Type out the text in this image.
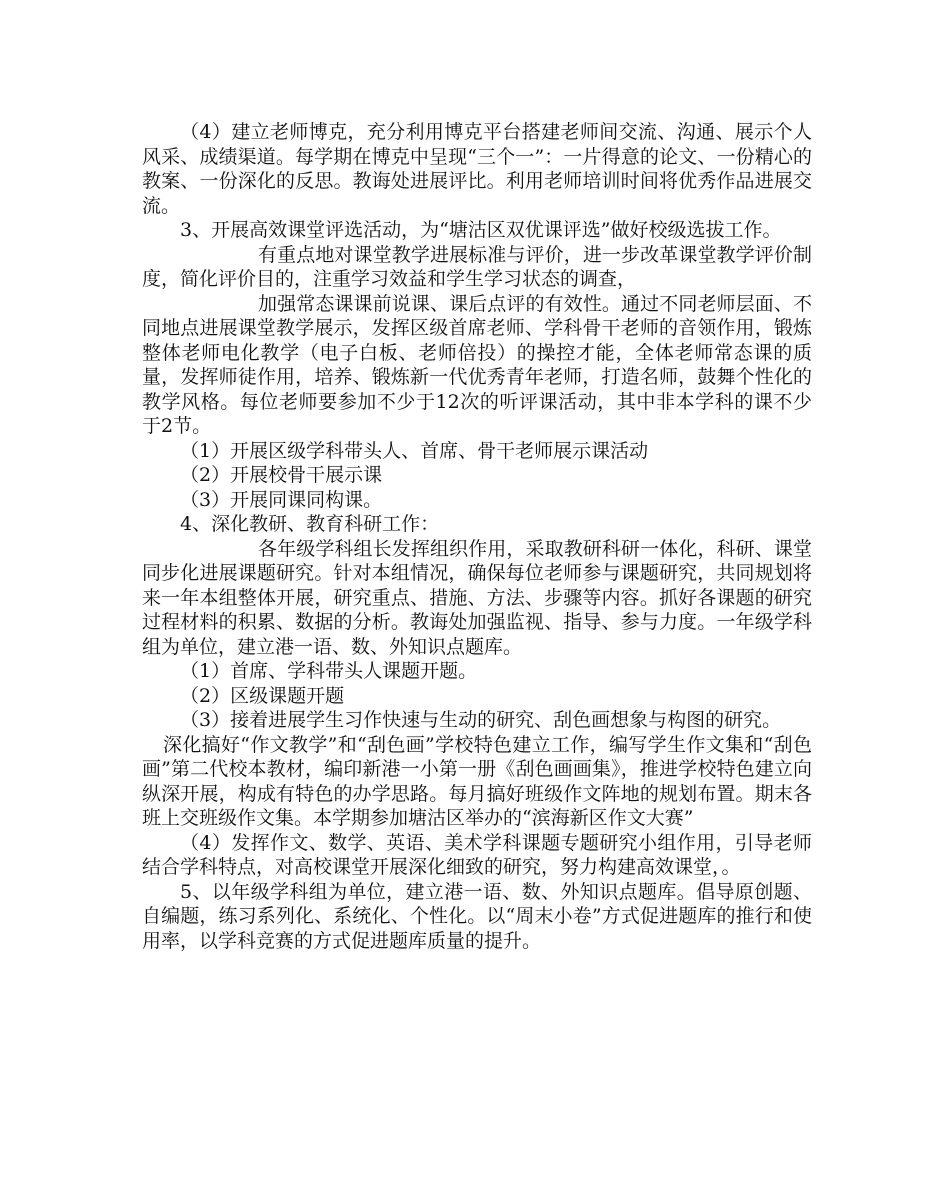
（4）建立老师博克，充分利用博克平台搭建老师间交流、沟通、展示个人风采、成绩渠道。每学期在博克中呈现“三个一”：一片得意的论文、一份精心的教案、一份深化的反思。教诲处进展评比。利用老师培训时间将优秀作品进展交流。

3、开展高效课堂评选活动，为“塘沽区双优课评选”做好校级选拔工作。

有重点地对课堂教学进展标准与评价，进一步改革课堂教学评价制度，简化评价目的，注重学习效益和学生学习状态的调查，

加强常态课课前说课、课后点评的有效性。通过不同老师层面、不同地点进展课堂教学展示，发挥区级首席老师、学科骨干老师的音领作用，锻炼整体老师电化教学（电子白板、老师倍投）的操控才能，全体老师常态课的质量，发挥师徒作用，培养、锻炼新一代优秀青年老师，打造名师，鼓舞个性化的教学风格。每位老师要参加不少于12次的听评课活动，其中非本学科的课不少于2节。

（1）开展区级学科带头人、首席、骨干老师展示课活动

（2）开展校骨干展示课

（3）开展同课同构课。

4、深化教研、教育科研工作：

各年级学科组长发挥组织作用，采取教研科研一体化，科研、课堂同步化进展课题研究。针对本组情况，确保每位老师参与课题研究，共同规划将来一年本组整体开展，研究重点、措施、方法、步骤等内容。抓好各课题的研究过程材料的积累、数据的分析。教诲处加强监视、指导、参与力度。一年级学科组为单位，建立港一语、数、外知识点题库。

（1）首席、学科带头人课题开题。

（2）区级课题开题

（3）接着进展学生习作快速与生动的研究、刮色画想象与构图的研究。

深化搞好“作文教学”和“刮色画”学校特色建立工作，编写学生作文集和“刮色画”第二代校本教材，编印新港一小第一册《刮色画画集》，推进学校特色建立向纵深开展，构成有特色的办学思路。每月搞好班级作文阵地的规划布置。期末各班上交班级作文集。本学期参加塘沽区举办的“滨海新区作文大赛”

（4）发挥作文、数学、英语、美术学科课题专题研究小组作用，引导老师结合学科特点，对高校课堂开展深化细致的研究，努力构建高效课堂，。

5、以年级学科组为单位，建立港一语、数、外知识点题库。倡导原创题、自编题，练习系列化、系统化、个性化。以“周末小卷”方式促进题库的推行和使用率，以学科竞赛的方式促进题库质量的提升。
